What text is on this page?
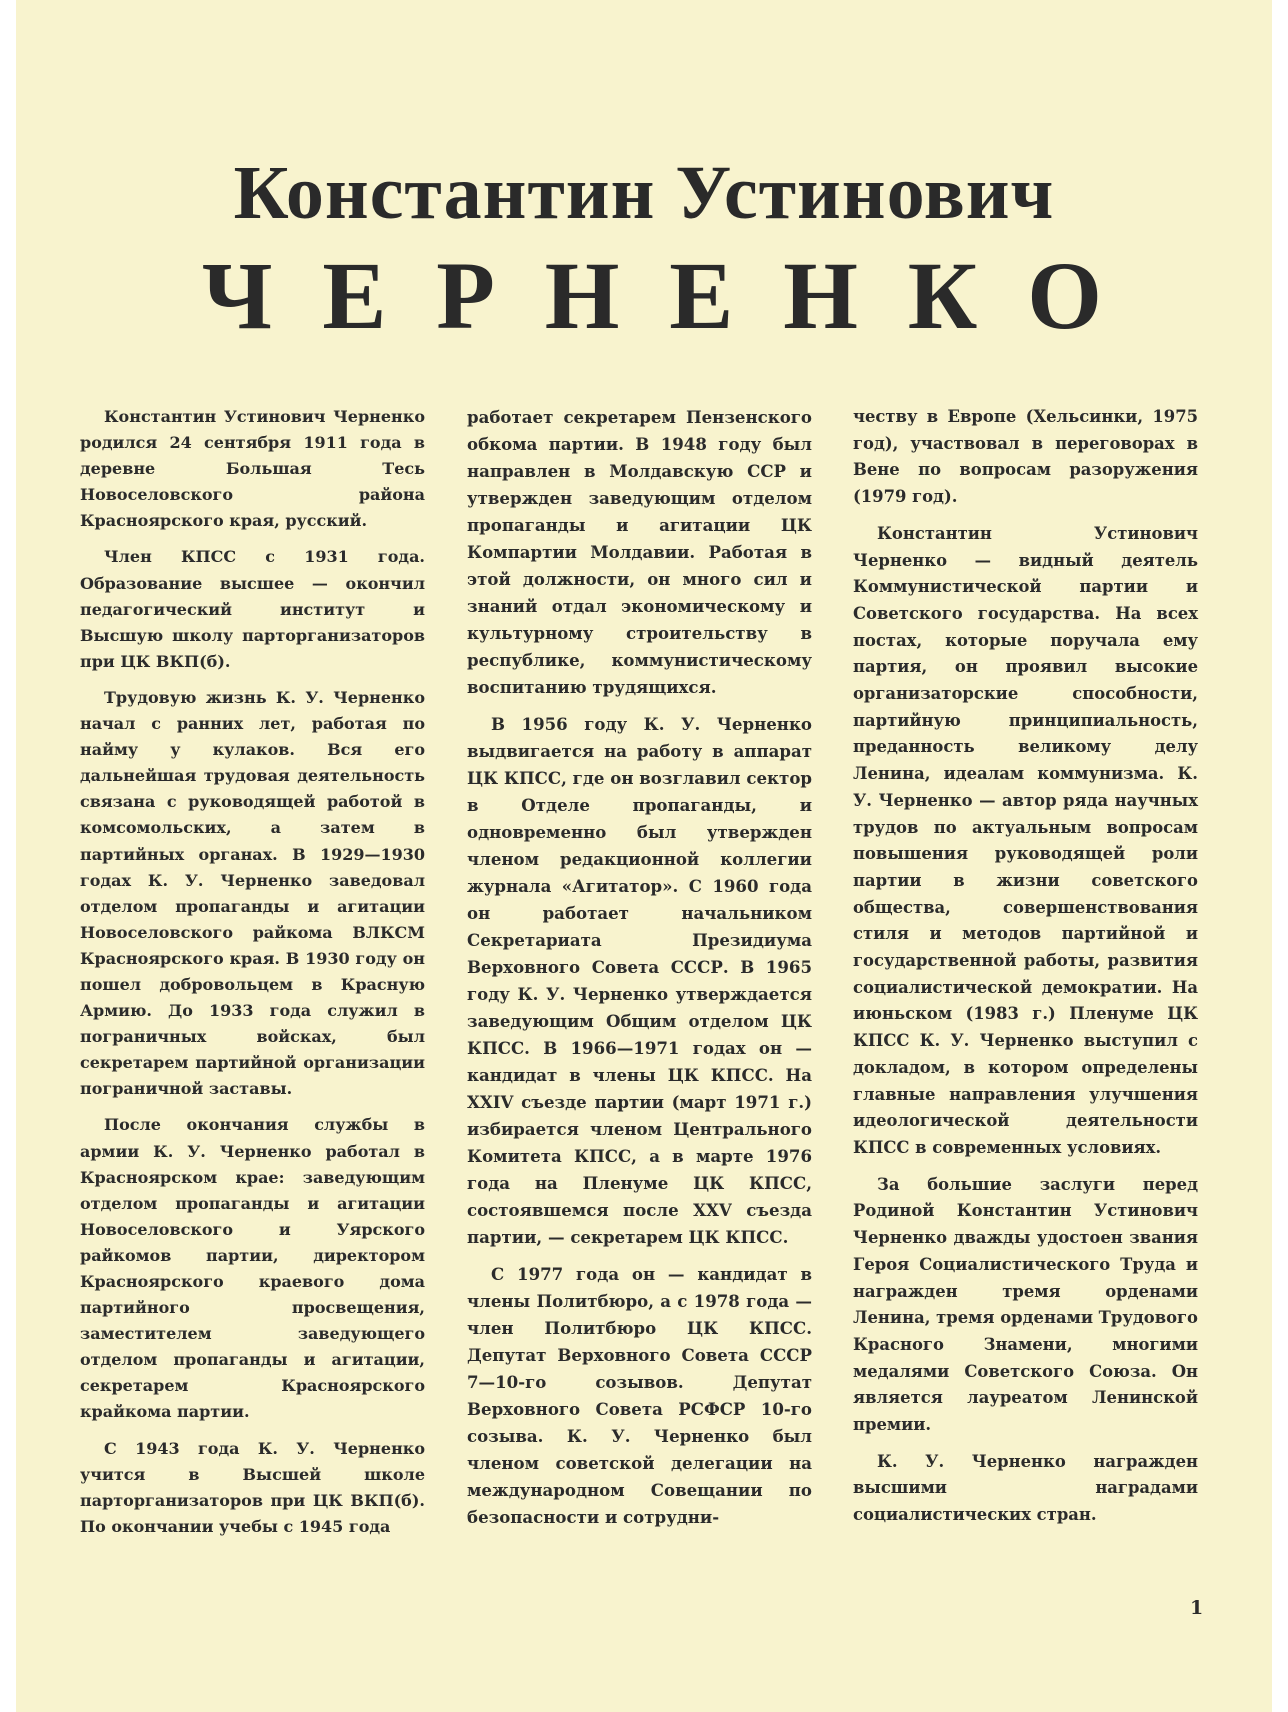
Константин Устинович
Ч Е Р Н Е Н К О

Константин Устинович Черненко родился 24 сентября 1911 года в деревне Большая Тесь Новоселовского района Красноярского края, русский.

Член КПСС с 1931 года. Образование высшее — окончил педагогический институт и Высшую школу парторганизаторов при ЦК ВКП(б).

Трудовую жизнь К. У. Черненко начал с ранних лет, работая по найму у кулаков. Вся его дальнейшая трудовая деятельность связана с руководящей работой в комсомольских, а затем в партийных органах. В 1929—1930 годах К. У. Черненко заведовал отделом пропаганды и агитации Новоселовского райкома ВЛКСМ Красноярского края. В 1930 году он пошел добровольцем в Красную Армию. До 1933 года служил в пограничных войсках, был секретарем партийной организации пограничной заставы.

После окончания службы в армии К. У. Черненко работал в Красноярском крае: заведующим отделом пропаганды и агитации Новоселовского и Уярского райкомов партии, директором Красноярского краевого дома партийного просвещения, заместителем заведующего отделом пропаганды и агитации, секретарем Красноярского крайкома партии.

С 1943 года К. У. Черненко учится в Высшей школе парторганизаторов при ЦК ВКП(б). По окончании учебы с 1945 года

работает секретарем Пензенского обкома партии. В 1948 году был направлен в Молдавскую ССР и утвержден заведующим отделом пропаганды и агитации ЦК Компартии Молдавии. Работая в этой должности, он много сил и знаний отдал экономическому и культурному строительству в республике, коммунистическому воспитанию трудящихся.

В 1956 году К. У. Черненко выдвигается на работу в аппарат ЦК КПСС, где он возглавил сектор в Отделе пропаганды, и одновременно был утвержден членом редакционной коллегии журнала «Агитатор». С 1960 года он работает начальником Секретариата Президиума Верховного Совета СССР. В 1965 году К. У. Черненко утверждается заведующим Общим отделом ЦК КПСС. В 1966—1971 годах он — кандидат в члены ЦК КПСС. На XXIV съезде партии (март 1971 г.) избирается членом Центрального Комитета КПСС, а в марте 1976 года на Пленуме ЦК КПСС, состоявшемся после XXV съезда партии, — секретарем ЦК КПСС.

С 1977 года он — кандидат в члены Политбюро, а с 1978 года — член Политбюро ЦК КПСС. Депутат Верховного Совета СССР 7—10-го созывов. Депутат Верховного Совета РСФСР 10-го созыва. К. У. Черненко был членом советской делегации на международном Совещании по безопасности и сотрудни-

честву в Европе (Хельсинки, 1975 год), участвовал в переговорах в Вене по вопросам разоружения (1979 год).

Константин Устинович Черненко — видный деятель Коммунистической партии и Советского государства. На всех постах, которые поручала ему партия, он проявил высокие организаторские способности, партийную принципиальность, преданность великому делу Ленина, идеалам коммунизма. К. У. Черненко — автор ряда научных трудов по актуальным вопросам повышения руководящей роли партии в жизни советского общества, совершенствования стиля и методов партийной и государственной работы, развития социалистической демократии. На июньском (1983 г.) Пленуме ЦК КПСС К. У. Черненко выступил с докладом, в котором определены главные направления улучшения идеологической деятельности КПСС в современных условиях.

За большие заслуги перед Родиной Константин Устинович Черненко дважды удостоен звания Героя Социалистического Труда и награжден тремя орденами Ленина, тремя орденами Трудового Красного Знамени, многими медалями Советского Союза. Он является лауреатом Ленинской премии.

К. У. Черненко награжден высшими наградами социалистических стран.

1
